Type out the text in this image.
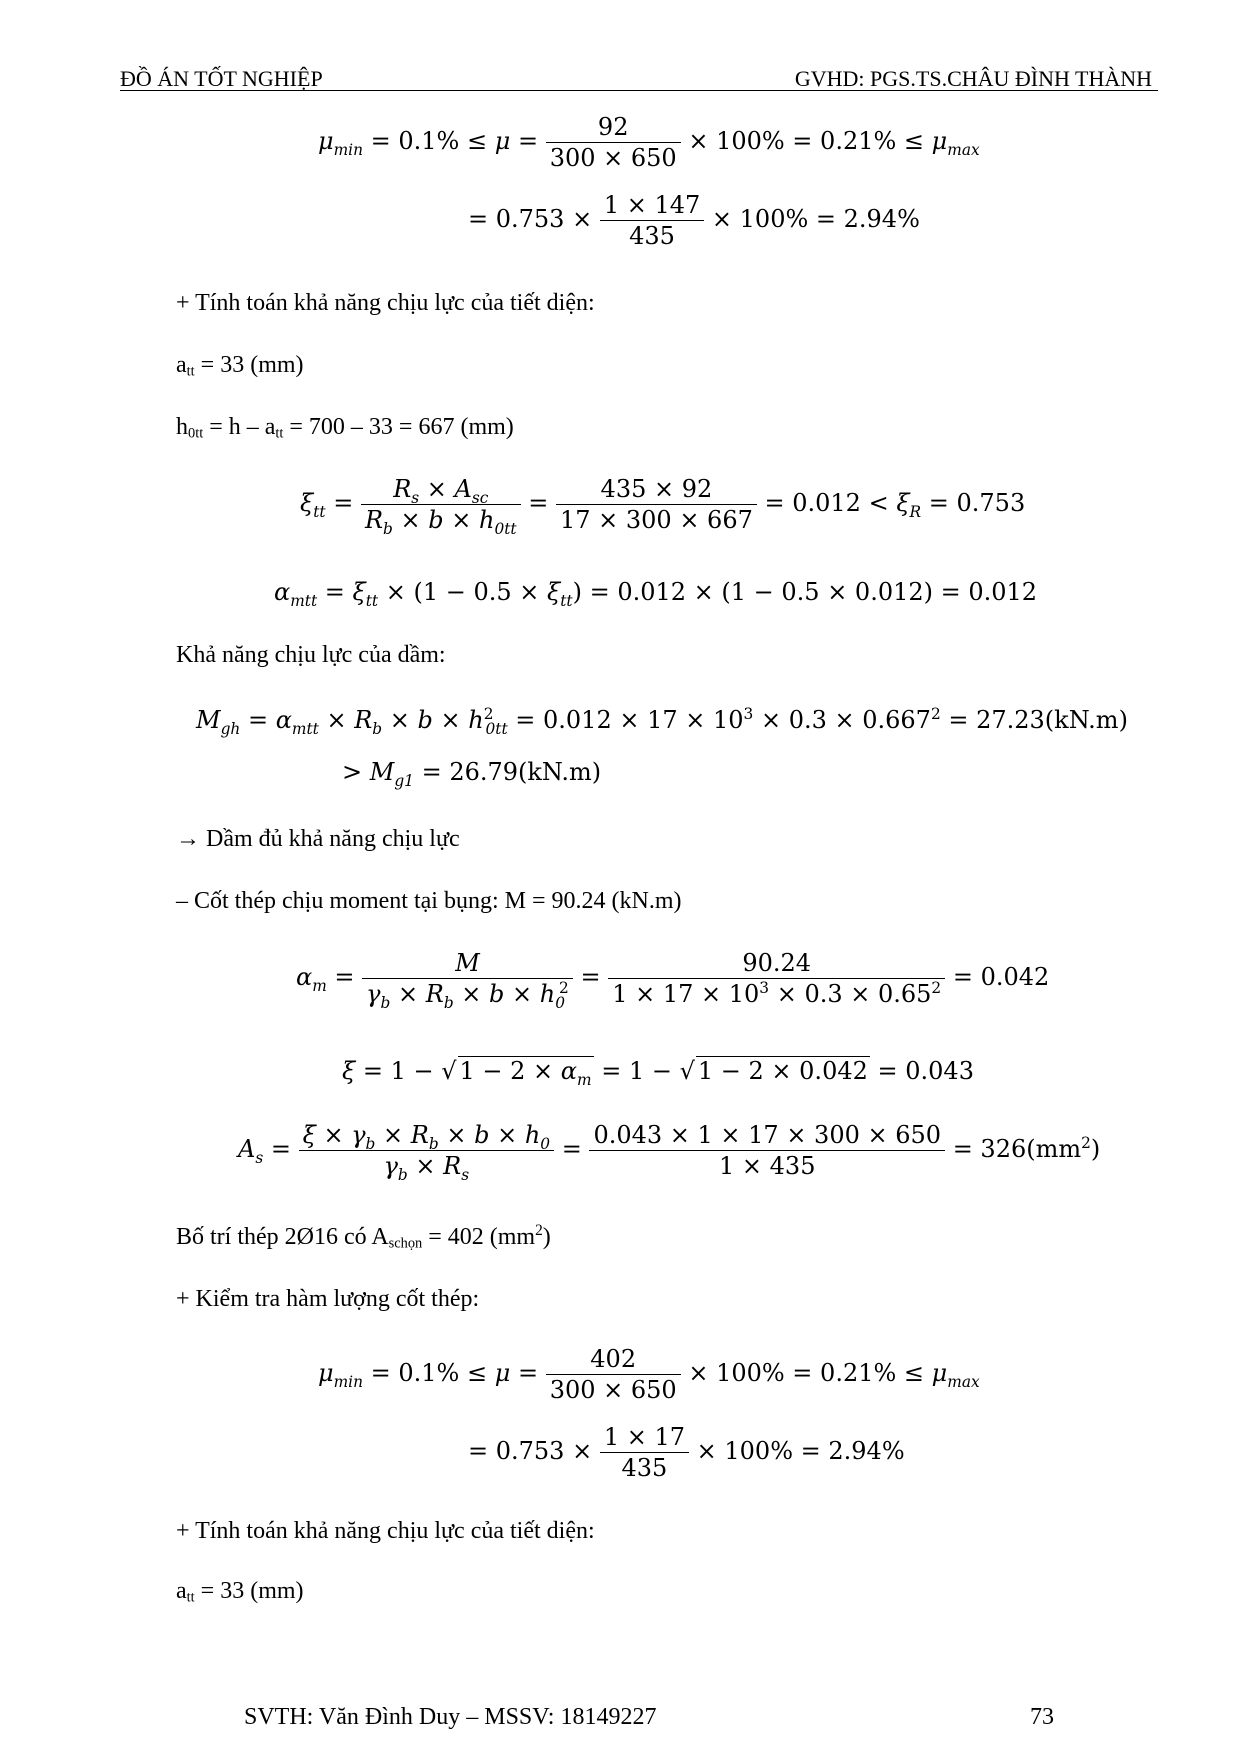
ĐỒ ÁN TỐT NGHIỆP	GVHD: PGS.TS.CHÂU ĐÌNH THÀNH
$\mu_{min} = 0.1\% \le \mu = \frac{92}{300 \times 650} \times 100\% = 0.21\% \le \mu_{max}$
= $0.753 \times \frac{1 \times 147}{435} \times 100\% = 2.94\%$
+ Tính toán khả năng chịu lực của tiết diện:
att = 33 (mm)
h0tt = h – att = 700 – 33 = 667 (mm)
$\xi_{tt} = \frac{R_s \times A_{sc}}{R_b \times b \times h_{0tt}} = \frac{435 \times 92}{17 \times 300 \times 667} = 0.012 < \xi_R = 0.753$
$\alpha_{mtt} = \xi_{tt} \times (1 - 0.5 \times \xi_{tt}) = 0.012 \times (1 - 0.5 \times 0.012) = 0.012$
Khả năng chịu lực của dầm:
$M_{gh} = \alpha_{mtt} \times R_b \times b \times h^2_{0tt} = 0.012 \times 17 \times 10^3 \times 0.3 \times 0.667^2 = 27.23(kN.m)$
> $M_{g1} = 26.79(kN.m)$
→ Dầm đủ khả năng chịu lực
– Cốt thép chịu moment tại bụng: M = 90.24 (kN.m)
$\alpha_m = \frac{M}{\gamma_b \times R_b \times b \times h_0^2} = \frac{90.24}{1 \times 17 \times 10^3 \times 0.3 \times 0.65^2} = 0.042$
ξ = 1 − √ $1 - 2 \times \alpha_m = 1$ − √ 1 − 2 × 0.042 = 0.043
$A_s = \frac{\xi \times \gamma_b \times R_b \times b \times h_0}{\gamma_b \times R_s} = \frac{0.043 \times 1 \times 17 \times 300 \times 650}{1 \times 435} = 326(mm^2)$
Bố trí thép 2Ø16 có Aschọn = 402 $(mm^2)$
+ Kiểm tra hàm lượng cốt thép:
$\mu_{min} = 0.1\% \le \mu = \frac{402}{300 \times 650} \times 100\% = 0.21\% \le \mu_{max}$
= $0.753 \times \frac{1 \times 17}{435} \times 100\% = 2.94\%$
+ Tính toán khả năng chịu lực của tiết diện:
att = 33 (mm)
SVTH: Văn Đình Duy – MSSV: 18149227	73
